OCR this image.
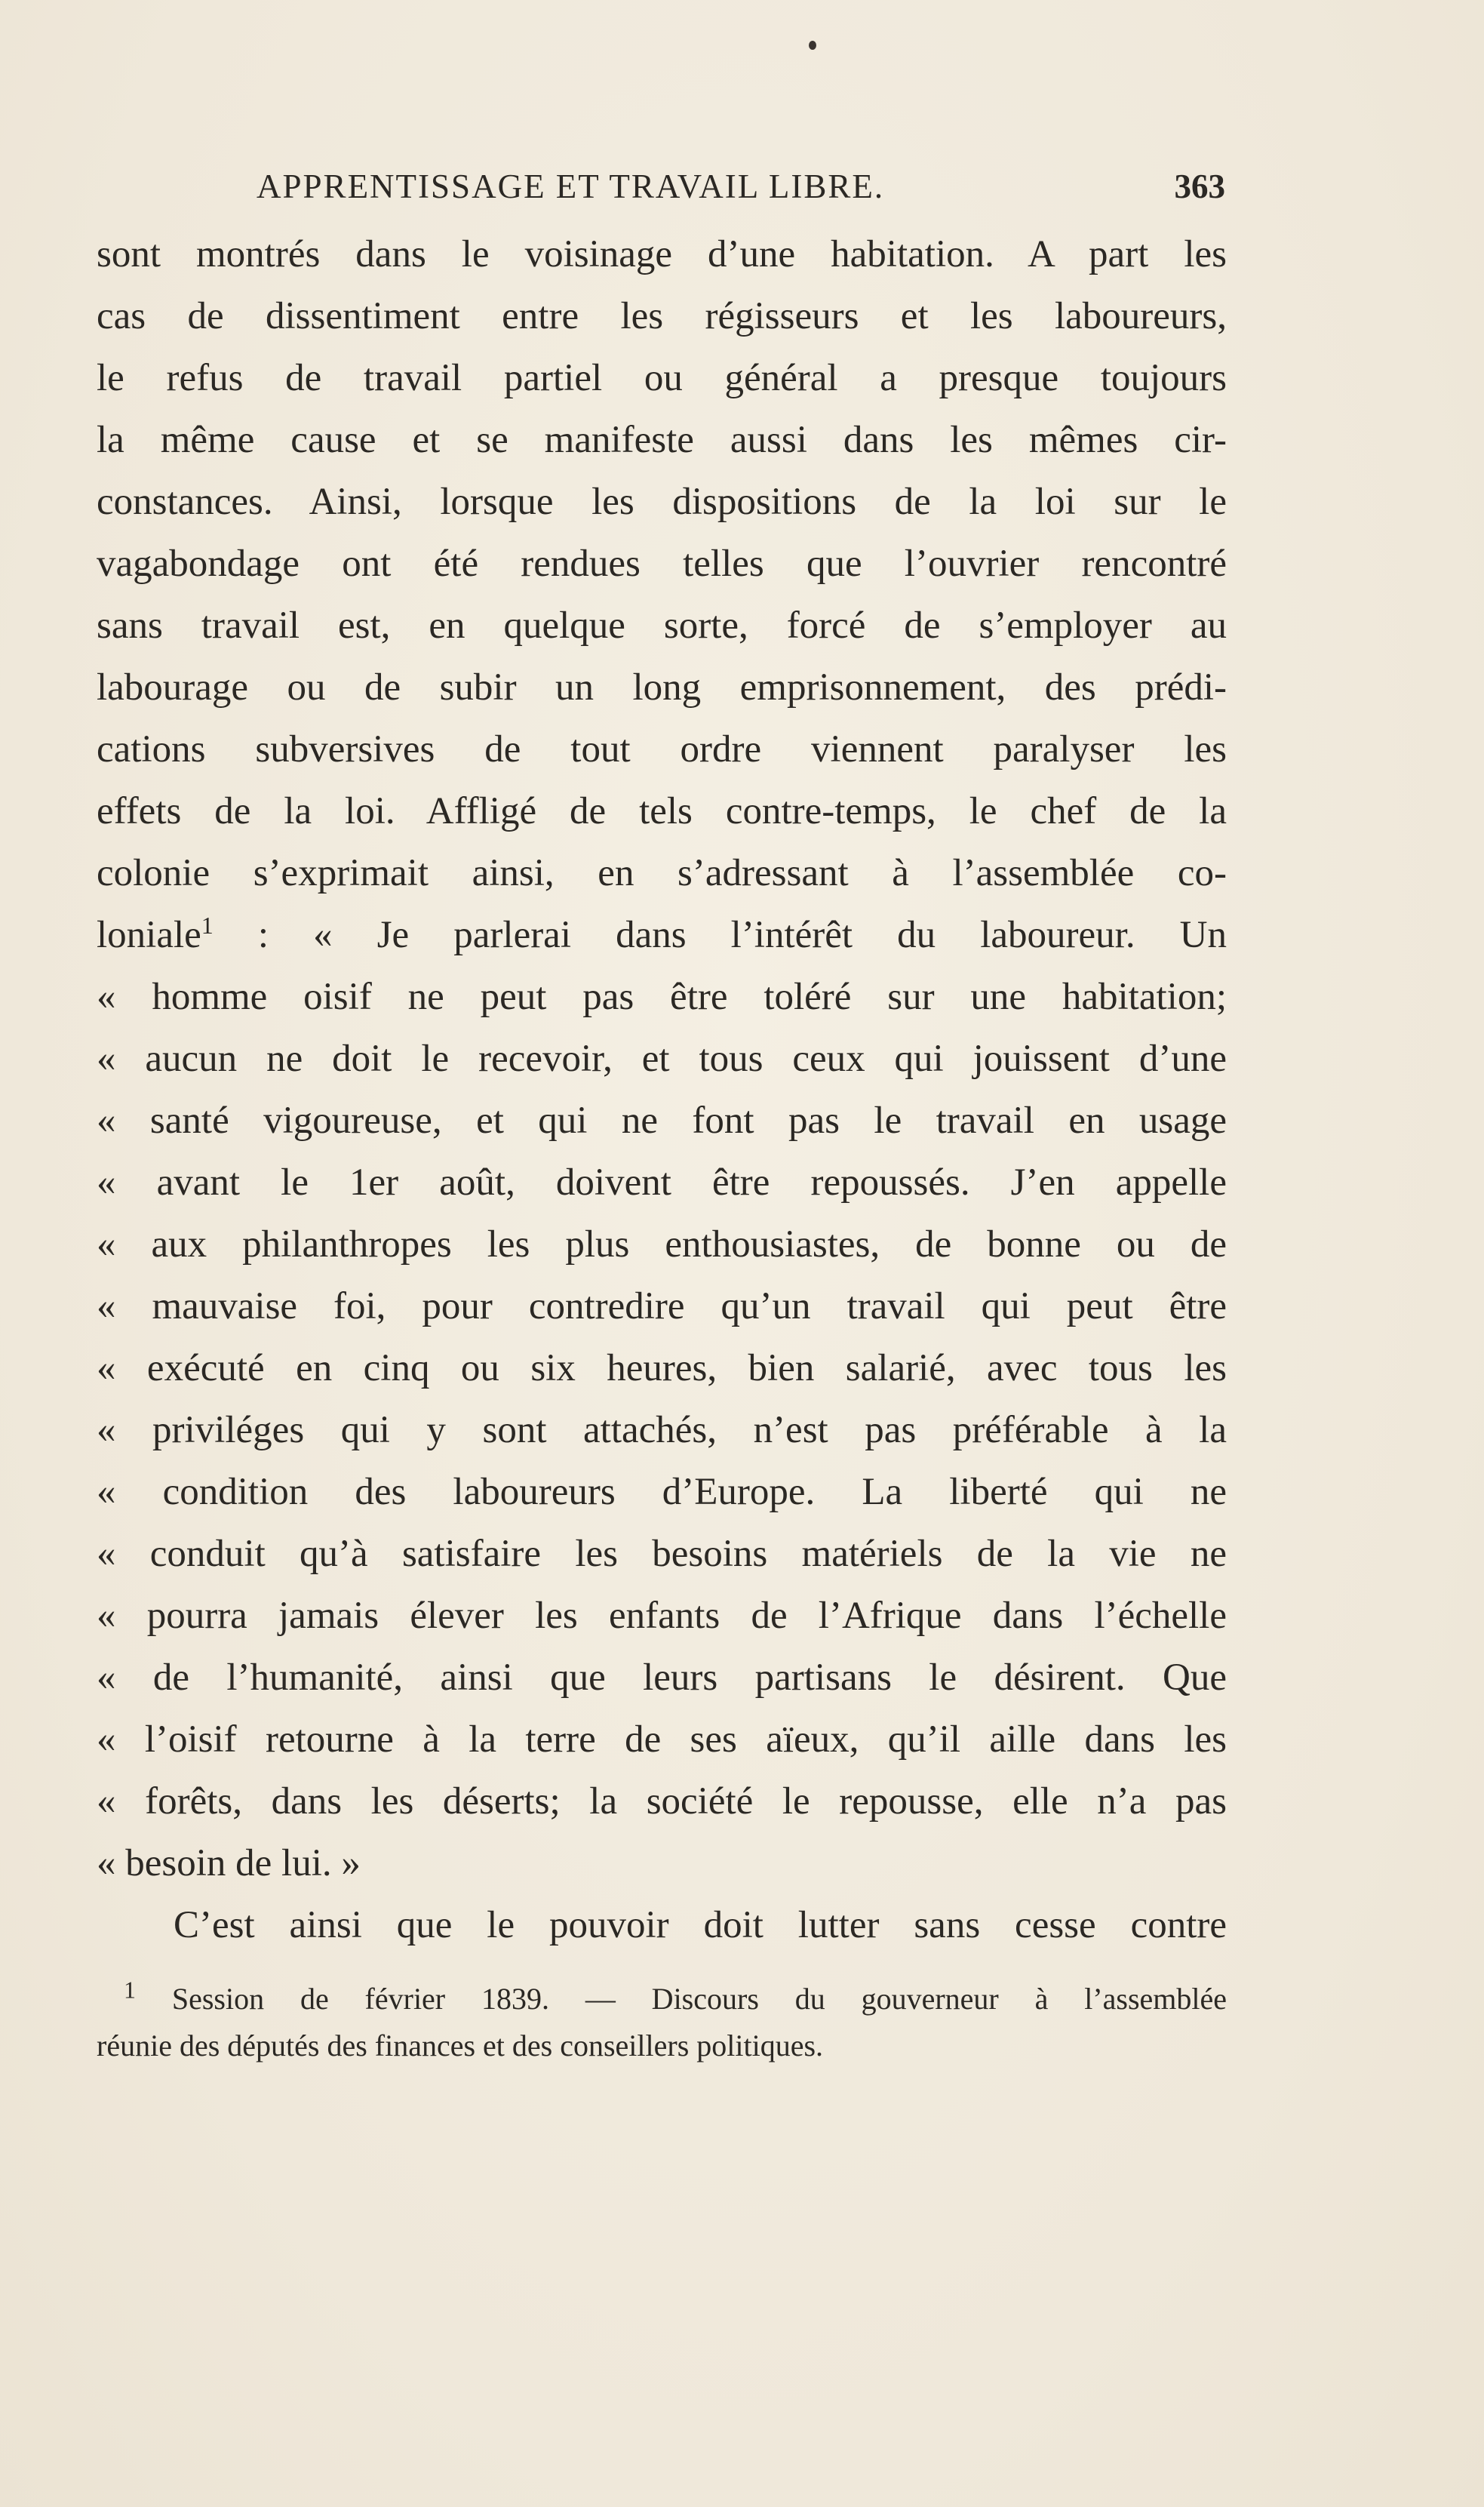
APPRENTISSAGE ET TRAVAIL LIBRE.	363
sont montrés dans le voisinage d’une habitation. A part les
cas de dissentiment entre les régisseurs et les laboureurs,
le refus de travail partiel ou général a presque toujours
la même cause et se manifeste aussi dans les mêmes cir-
constances. Ainsi, lorsque les dispositions de la loi sur le
vagabondage ont été rendues telles que l’ouvrier rencontré
sans travail est, en quelque sorte, forcé de s’employer au
labourage ou de subir un long emprisonnement, des prédi-
cations subversives de tout ordre viennent paralyser les
effets de la loi. Affligé de tels contre-temps, le chef de la
colonie s’exprimait ainsi, en s’adressant à l’assemblée co-
loniale$^1$ : « Je parlerai dans l’intérêt du laboureur. Un
« homme oisif ne peut pas être toléré sur une habitation;
« aucun ne doit le recevoir, et tous ceux qui jouissent d’une
« santé vigoureuse, et qui ne font pas le travail en usage
« avant le 1er août, doivent être repoussés. J’en appelle
« aux philanthropes les plus enthousiastes, de bonne ou de
« mauvaise foi, pour contredire qu’un travail qui peut être
« exécuté en cinq ou six heures, bien salarié, avec tous les
« priviléges qui y sont attachés, n’est pas préférable à la
« condition des laboureurs d’Europe. La liberté qui ne
« conduit qu’à satisfaire les besoins matériels de la vie ne
« pourra jamais élever les enfants de l’Afrique dans l’échelle
« de l’humanité, ainsi que leurs partisans le désirent. Que
« l’oisif retourne à la terre de ses aïeux, qu’il aille dans les
« forêts, dans les déserts; la société le repousse, elle n’a pas
« besoin de lui. »
C’est ainsi que le pouvoir doit lutter sans cesse contre
$^1$ Session de février 1839. — Discours du gouverneur à l’assemblée
réunie des députés des finances et des conseillers politiques.
